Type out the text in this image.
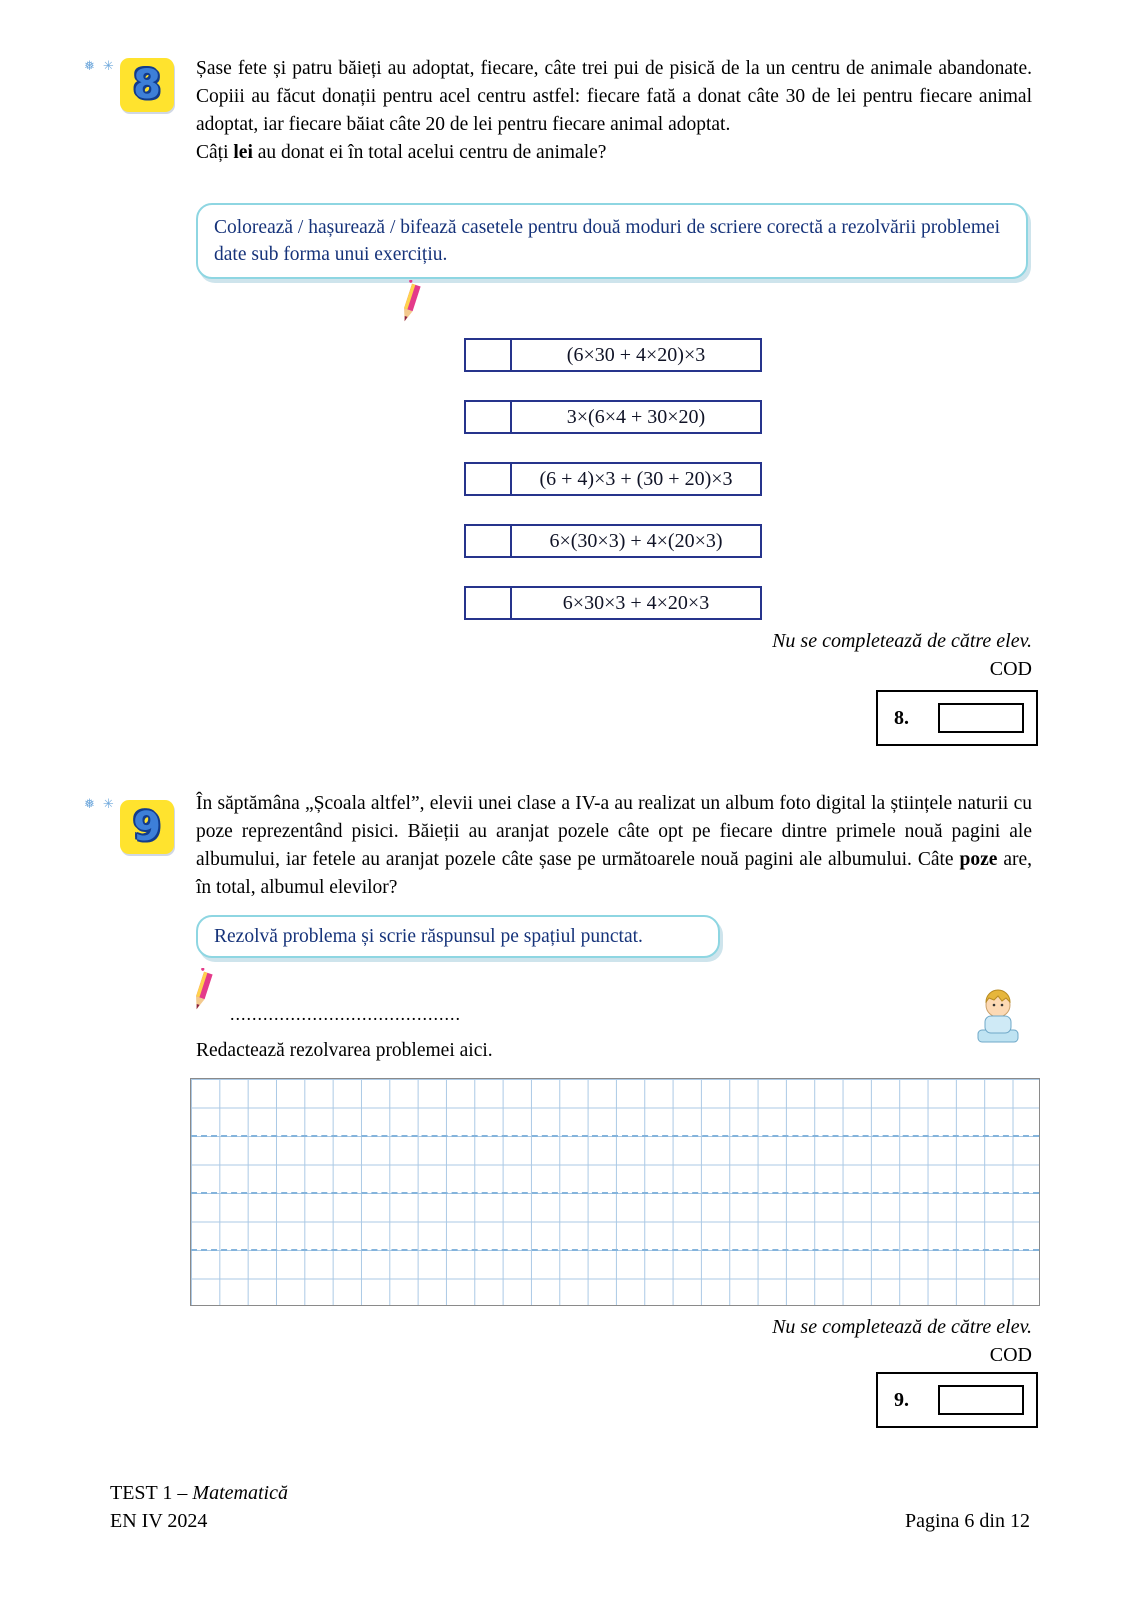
❅ ✳ 8	Șase fete și patru băieți au adoptat, fiecare, câte trei pui de pisică de la un centru de animale abandonate. Copiii au făcut donații pentru acel centru astfel: fiecare fată a donat câte 30 de lei pentru fiecare animal adoptat, iar fiecare băiat câte 20 de lei pentru fiecare animal adoptat.

Câți lei au donat ei în total acelui centru de animale?

Colorează / hașurează / bifează casetele pentru două moduri de scriere corectă a rezolvării problemei date sub forma unui exercițiu.
(6×30 + 4×20)×3
3×(6×4 + 30×20)
(6 + 4)×3 + (30 + 20)×3
6×(30×3) + 4×(20×3)
6×30×3 + 4×20×3
Nu se completează de către elev.
COD
8.
❅ ✳ 9

În săptămâna „Școala altfel”, elevii unei clase a IV-a au realizat un album foto digital la științele naturii cu poze reprezentând pisici. Băieții au aranjat pozele câte opt pe fiecare dintre primele nouă pagini ale albumului, iar fetele au aranjat pozele câte șase pe următoarele nouă pagini ale albumului. Câte poze are, în total, albumul elevilor?

Rezolvă problema și scrie răspunsul pe spațiul punctat.
..........................................
Redactează rezolvarea problemei aici.
Nu se completează de către elev.
COD
9.
TEST 1 – Matematică
EN IV 2024	Pagina 6 din 12
